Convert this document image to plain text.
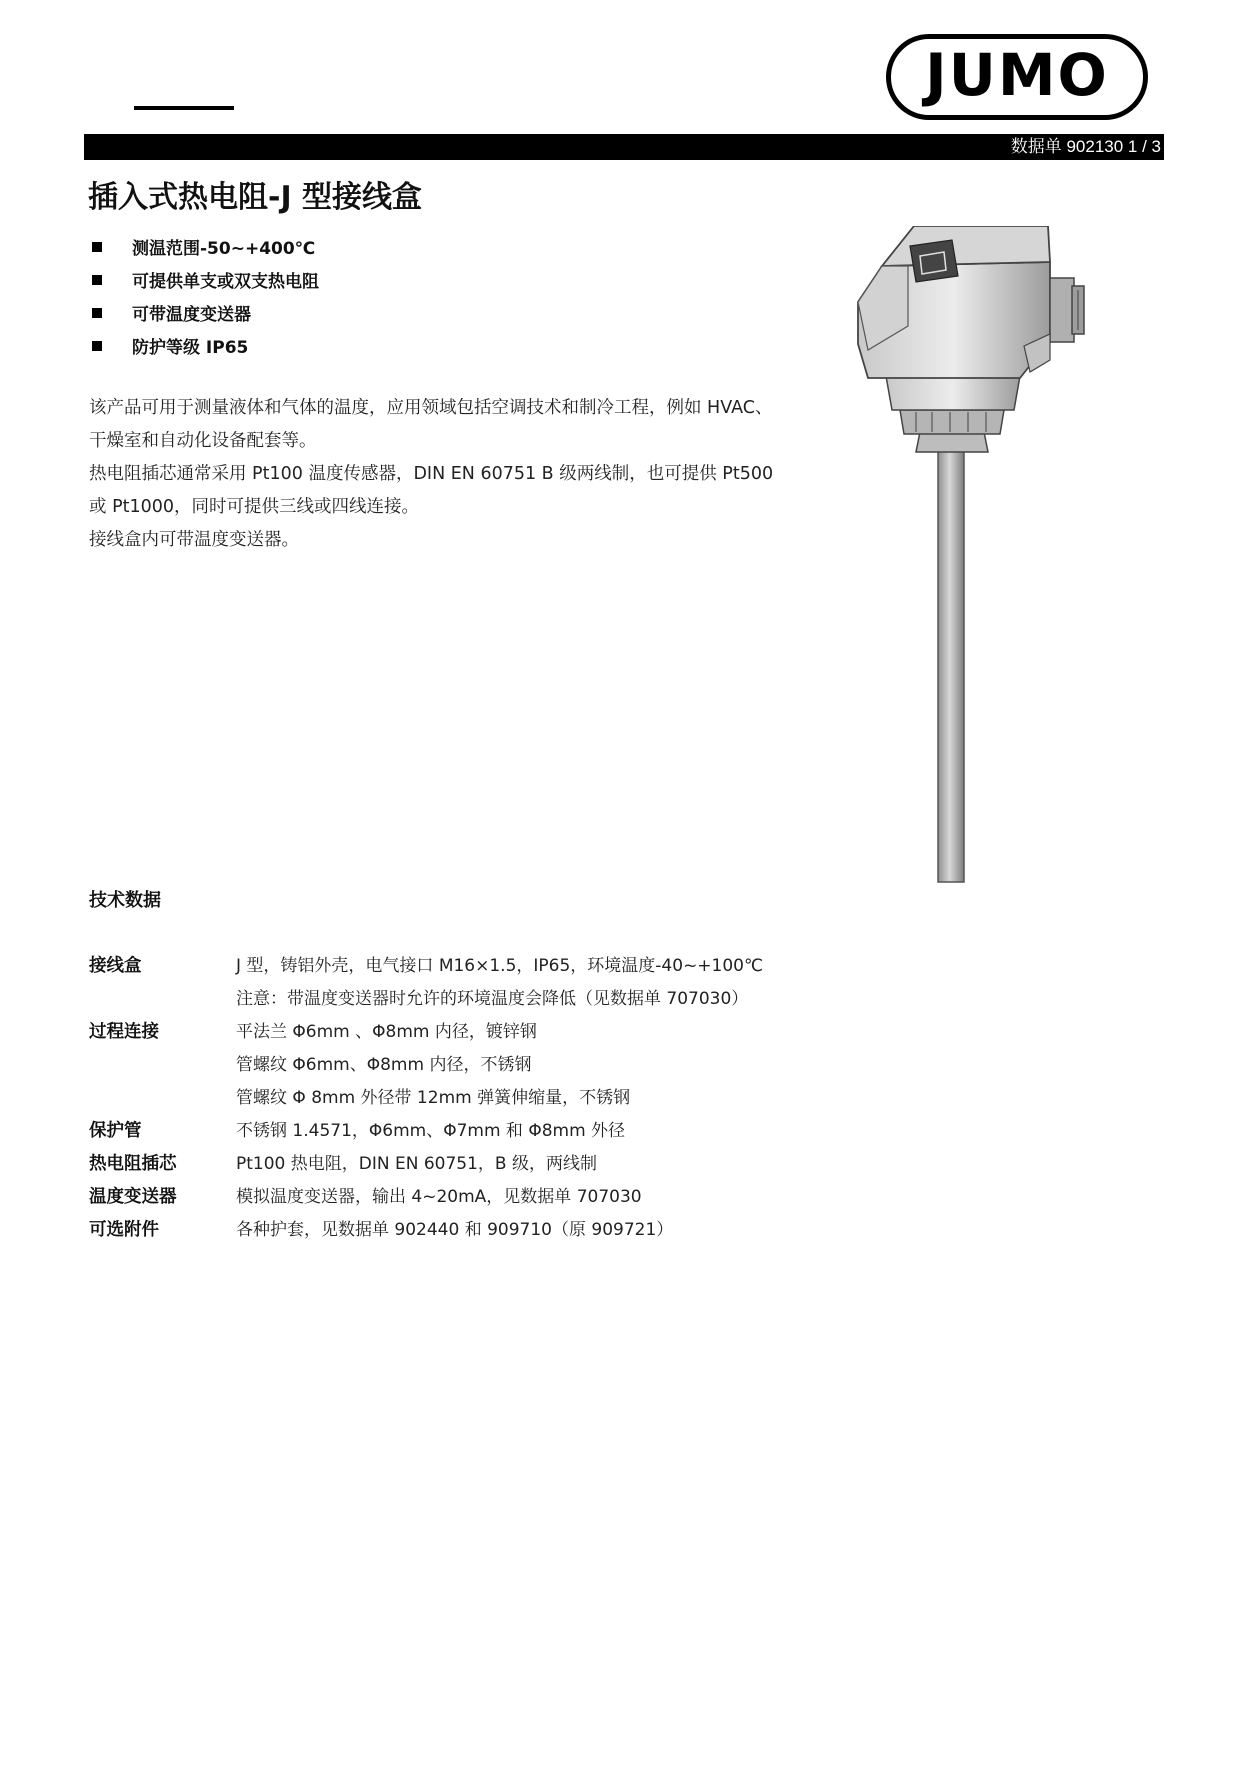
JUMO
数据单 902130 1 / 3
插入式热电阻-J 型接线盒
测温范围-50~+400℃
可提供单支或双支热电阻
可带温度变送器
防护等级 IP65

该产品可用于测量液体和气体的温度，应用领域包括空调技术和制冷工程，例如 HVAC、干燥室和自动化设备配套等。

热电阻插芯通常采用 Pt100 温度传感器，DIN EN 60751 B 级两线制，也可提供 Pt500 或 Pt1000，同时可提供三线或四线连接。

接线盒内可带温度变送器。

技术数据
接线盒	J 型，铸铝外壳，电气接口 M16×1.5，IP65，环境温度-40~+100℃
注意：带温度变送器时允许的环境温度会降低（见数据单 707030）
过程连接	平法兰 Φ6mm 、Φ8mm 内径，镀锌钢
管螺纹 Φ6mm、Φ8mm 内径，不锈钢
管螺纹 Φ 8mm 外径带 12mm 弹簧伸缩量，不锈钢
保护管	不锈钢 1.4571，Φ6mm、Φ7mm 和 Φ8mm 外径
热电阻插芯	Pt100 热电阻，DIN EN 60751，B 级，两线制
温度变送器	模拟温度变送器，输出 4~20mA，见数据单 707030
可选附件	各种护套，见数据单 902440 和 909710（原 909721）
